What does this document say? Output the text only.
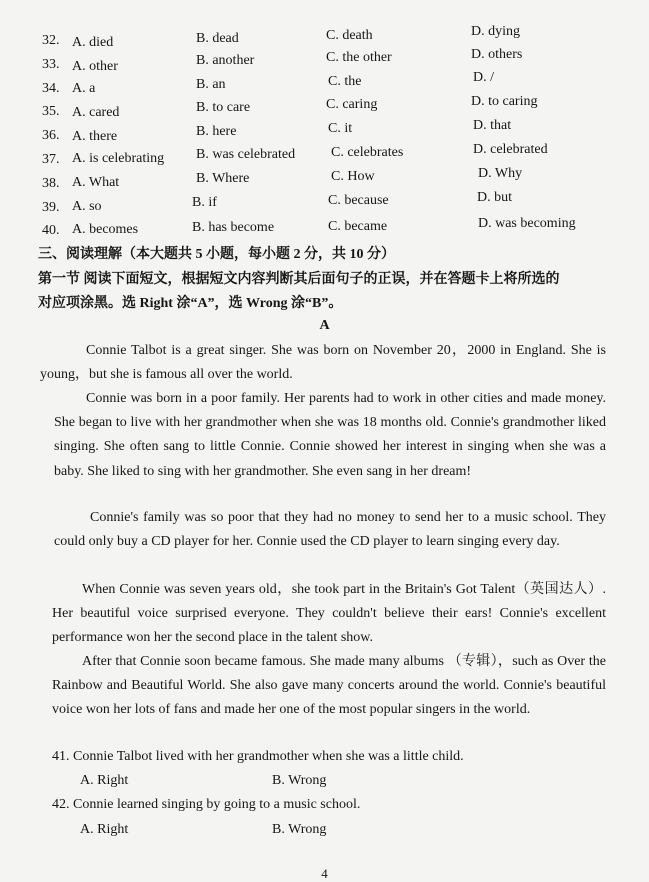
32. A. died	B. dead	C. death	D. dying
33. A. other	B. another	C. the other	D. others
34. A. a	B. an	C. the	D. /
35. A. cared	B. to care	C. caring	D. to caring
36. A. there	B. here	C. it	D. that
37. A. is celebrating B. was celebrated	C. celebrates	D. celebrated
38. A. What	B. Where	C. How	D. Why
39. A. so	B. if	C. because	D. but
40. A. becomes	B. has become	C. became	D. was becoming
三、阅读理解（本大题共 5 小题，每小题 2 分，共 10 分）
第一节 阅读下面短文，根据短文内容判断其后面句子的正误，并在答题卡上将所选的
对应项涂黑。选 Right 涂“A”，选 Wrong 涂“B”。
A

Connie Talbot is a great singer. She was born on November 20，2000 in England. She is young，but she is famous all over the world.

Connie was born in a poor family. Her parents had to work in other cities and made money. She began to live with her grandmother when she was 18 months old. Connie's grandmother liked singing. She often sang to little Connie. Connie showed her interest in singing when she was a baby. She liked to sing with her grandmother. She even sang in her dream!

Connie's family was so poor that they had no money to send her to a music school. They could only buy a CD player for her. Connie used the CD player to learn singing every day.

When Connie was seven years old，she took part in the Britain's Got Talent（英国达人）. Her beautiful voice surprised everyone. They couldn't believe their ears! Connie's excellent performance won her the second place in the talent show.

After that Connie soon became famous. She made many albums （专辑），such as Over the Rainbow and Beautiful World. She also gave many concerts around the world. Connie's beautiful voice won her lots of fans and made her one of the most popular singers in the world.

41. Connie Talbot lived with her grandmother when she was a little child.
A. Right	B. Wrong
42. Connie learned singing by going to a music school.
A. Right	B. Wrong
4
